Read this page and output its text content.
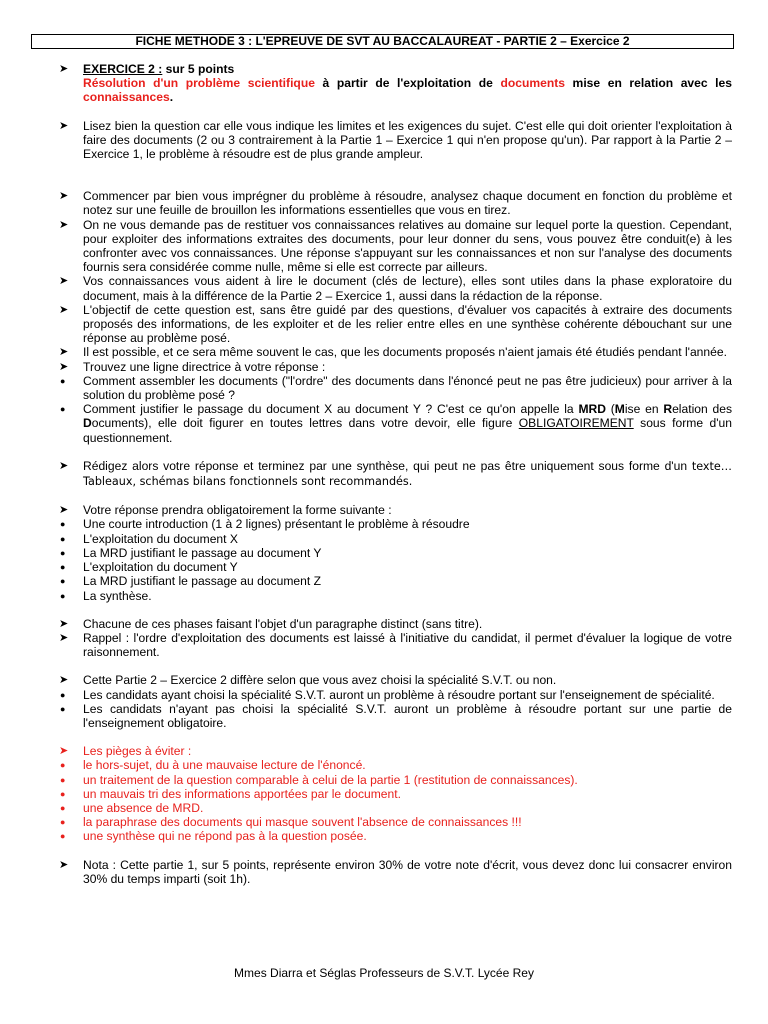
FICHE METHODE 3 : L'EPREUVE DE SVT AU BACCALAUREAT - PARTIE 2 – Exercice 2
➤	EXERCICE 2 : sur 5 points
Résolution d'un problème scientifique à partir de l'exploitation de documents mise en relation avec les connaissances.
➤	Lisez bien la question car elle vous indique les limites et les exigences du sujet. C'est elle qui doit orienter l'exploitation à faire des documents (2 ou 3 contrairement à la Partie 1 – Exercice 1 qui n'en propose qu'un). Par rapport à la Partie 2 – Exercice 1, le problème à résoudre est de plus grande ampleur.
➤	Commencer par bien vous imprégner du problème à résoudre, analysez chaque document en fonction du problème et notez sur une feuille de brouillon les informations essentielles que vous en tirez.
➤	On ne vous demande pas de restituer vos connaissances relatives au domaine sur lequel porte la question. Cependant, pour exploiter des informations extraites des documents, pour leur donner du sens, vous pouvez être conduit(e) à les confronter avec vos connaissances. Une réponse s'appuyant sur les connaissances et non sur l'analyse des documents fournis sera considérée comme nulle, même si elle est correcte par ailleurs.
➤	Vos connaissances vous aident à lire le document (clés de lecture), elles sont utiles dans la phase exploratoire du document, mais à la différence de la Partie 2 – Exercice 1, aussi dans la rédaction de la réponse.
➤	L'objectif de cette question est, sans être guidé par des questions, d'évaluer vos capacités à extraire des documents proposés des informations, de les exploiter et de les relier entre elles en une synthèse cohérente débouchant sur une réponse au problème posé.
➤	Il est possible, et ce sera même souvent le cas, que les documents proposés n'aient jamais été étudiés pendant l'année.
➤	Trouvez une ligne directrice à votre réponse :
●	Comment assembler les documents ("l'ordre" des documents dans l'énoncé peut ne pas être judicieux) pour arriver à la solution du problème posé ?
●	Comment justifier le passage du document X au document Y ? C'est ce qu'on appelle la MRD (Mise en Relation des Documents), elle doit figurer en toutes lettres dans votre devoir, elle figure OBLIGATOIREMENT sous forme d'un questionnement.
➤	Rédigez alors votre réponse et terminez par une synthèse, qui peut ne pas être uniquement sous forme d'un texte… Tableaux, schémas bilans fonctionnels sont recommandés.
➤	Votre réponse prendra obligatoirement la forme suivante :
●	Une courte introduction (1 à 2 lignes) présentant le problème à résoudre
●	L'exploitation du document X
●	La MRD justifiant le passage au document Y
●	L'exploitation du document Y
●	La MRD justifiant le passage au document Z
●	La synthèse.
➤	Chacune de ces phases faisant l'objet d'un paragraphe distinct (sans titre).
➤	Rappel : l'ordre d'exploitation des documents est laissé à l'initiative du candidat, il permet d'évaluer la logique de votre raisonnement.
➤	Cette Partie 2 – Exercice 2 diffère selon que vous avez choisi la spécialité S.V.T. ou non.
●	Les candidats ayant choisi la spécialité S.V.T. auront un problème à résoudre portant sur l'enseignement de spécialité.
●	Les candidats n'ayant pas choisi la spécialité S.V.T. auront un problème à résoudre portant sur une partie de l'enseignement obligatoire.
➤	Les pièges à éviter :
●	le hors-sujet, du à une mauvaise lecture de l'énoncé.
●	un traitement de la question comparable à celui de la partie 1 (restitution de connaissances).
●	un mauvais tri des informations apportées par le document.
●	une absence de MRD.
●	la paraphrase des documents qui masque souvent l'absence de connaissances !!!
●	une synthèse qui ne répond pas à la question posée.
➤	Nota : Cette partie 1, sur 5 points, représente environ 30% de votre note d'écrit, vous devez donc lui consacrer environ 30% du temps imparti (soit 1h).
Mmes Diarra et Séglas Professeurs de S.V.T. Lycée Rey
